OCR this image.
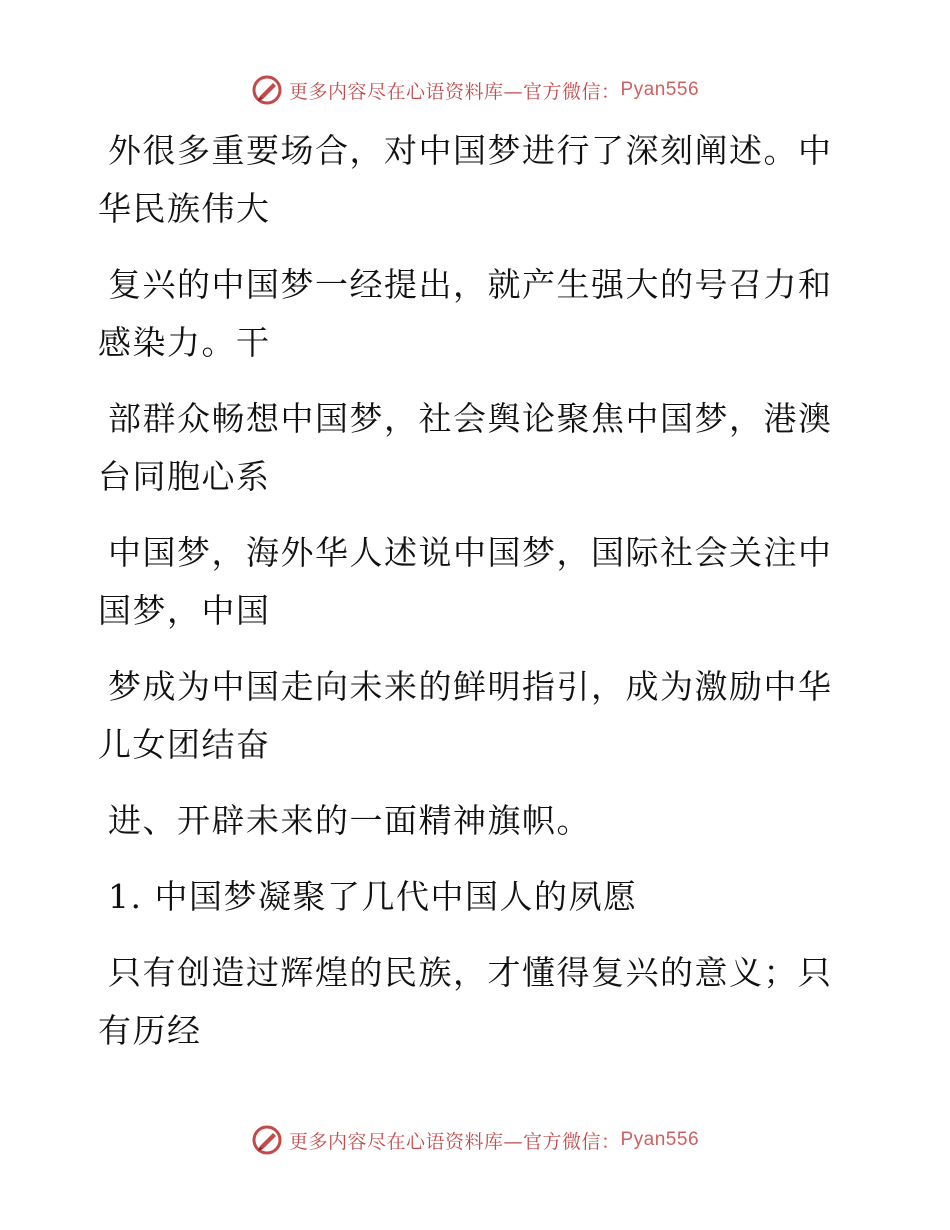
更多内容尽在心语资料库—官方微信： Pyan556

外很多重要场合，对中国梦进行了深刻阐述。中华民族伟大

复兴的中国梦一经提出，就产生强大的号召力和感染力。干

部群众畅想中国梦，社会舆论聚焦中国梦，港澳台同胞心系

中国梦，海外华人述说中国梦，国际社会关注中国梦，中国

梦成为中国走向未来的鲜明指引，成为激励中华儿女团结奋

进、开辟未来的一面精神旗帜。

1. 中国梦凝聚了几代中国人的夙愿

只有创造过辉煌的民族，才懂得复兴的意义；只有历经

更多内容尽在心语资料库—官方微信： Pyan556
